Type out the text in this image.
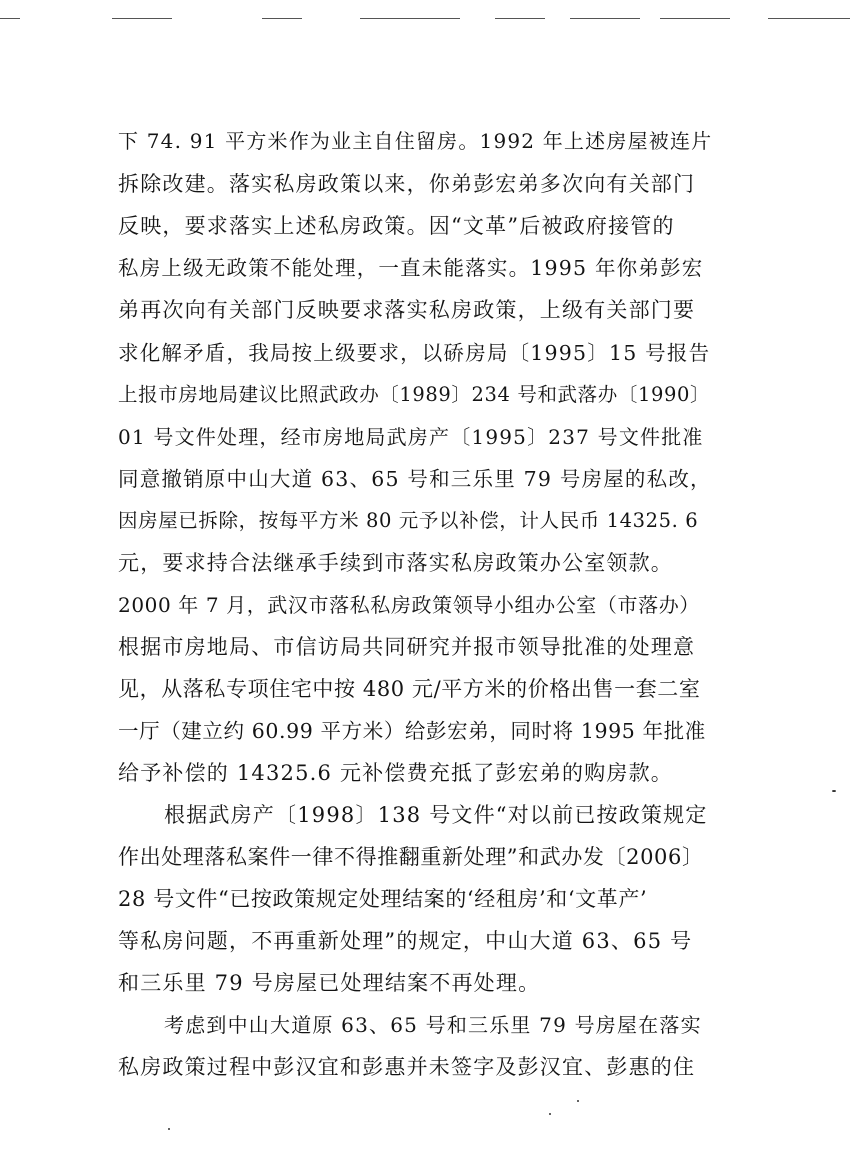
下 74. 91 平方米作为业主自住留房。1992 年上述房屋被连片
拆除改建。落实私房政策以来，你弟彭宏弟多次向有关部门
反映，要求落实上述私房政策。因“文革”后被政府接管的
私房上级无政策不能处理，一直未能落实。1995 年你弟彭宏
弟再次向有关部门反映要求落实私房政策，上级有关部门要
求化解矛盾，我局按上级要求，以硚房局〔1995〕15 号报告
上报市房地局建议比照武政办〔1989〕234 号和武落办〔1990〕
01 号文件处理，经市房地局武房产〔1995〕237 号文件批准
同意撤销原中山大道 63、65 号和三乐里 79 号房屋的私改，
因房屋已拆除，按每平方米 80 元予以补偿，计人民币 14325. 6
元，要求持合法继承手续到市落实私房政策办公室领款。
2000 年 7 月，武汉市落私私房政策领导小组办公室（市落办）
根据市房地局、市信访局共同研究并报市领导批准的处理意
见，从落私专项住宅中按 480 元/平方米的价格出售一套二室
一厅（建立约 60.99 平方米）给彭宏弟，同时将 1995 年批准
给予补偿的 14325.6 元补偿费充抵了彭宏弟的购房款。
根据武房产〔1998〕138 号文件“对以前已按政策规定
作出处理落私案件一律不得推翻重新处理”和武办发〔2006〕
28 号文件“已按政策规定处理结案的‘经租房’和‘文革产’
等私房问题，不再重新处理”的规定，中山大道 63、65 号
和三乐里 79 号房屋已处理结案不再处理。
考虑到中山大道原 63、65 号和三乐里 79 号房屋在落实
私房政策过程中彭汉宜和彭惠并未签字及彭汉宜、彭惠的住
